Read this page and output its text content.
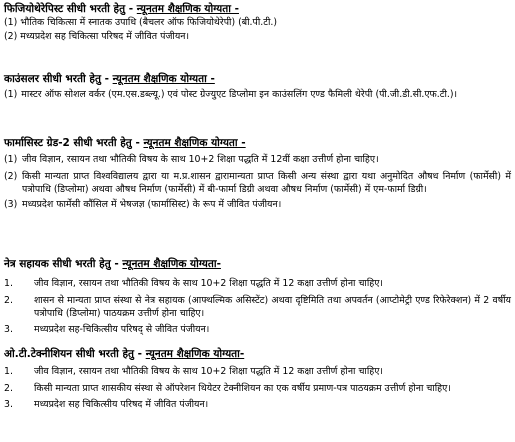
फिजियोथेरेपिस्ट सीधी भरती हेतु - न्यूनतम शैक्षणिक योग्यता -
(1) भौतिक चिकित्सा में स्नातक उपाधि (बैचलर ऑफ फिजियोथेरेपी) (बी.पी.टी.)
(2) मध्यप्रदेश सह चिकित्सा परिषद में जीवित पंजीयन।
काउंसलर सीधी भरती हेतु - न्यूनतम शैक्षणिक योग्यता -
(1) मास्टर ऑफ सोशल वर्कर (एम.एस.डब्ल्यू.) एवं पोस्ट ग्रेज्युएट डिप्लोमा इन काउंसलिंग एण्ड फैमिली थेरेपी (पी.जी.डी.सी.एफ.टी.)।
फार्मासिस्ट ग्रेड-2 सीधी भरती हेतु - न्यूनतम शैक्षणिक योग्यता -
(1) जीव विज्ञान, रसायन तथा भौतिकी विषय के साथ 10+2 शिक्षा पद्धति में 12वीं कक्षा उत्तीर्ण होना चाहिए।
(2) किसी मान्यता प्राप्त विश्वविद्यालय द्वारा या म.प्र.शासन द्वारामान्यता प्राप्त किसी अन्य संस्था द्वारा यथा अनुमोदित औषध निर्माण (फार्मेसी) में पत्रोपाधि (डिप्लोमा) अथवा औषध निर्माण (फार्मेसी) में बी-फार्मा डिग्री अथवा औषध निर्माण (फार्मेसी) में एम-फार्मा डिग्री।
(3) मध्यप्रदेश फार्मेसी कौंसिल में भेषजज्ञ (फार्मासिस्ट) के रूप में जीवित पंजीयन।
नेत्र सहायक सीधी भरती हेतु - न्यूनतम शैक्षणिक योग्यता-
1.	जीव विज्ञान, रसायन तथा भौतिकी विषय के साथ 10+2 शिक्षा पद्धति में 12 कक्षा उत्तीर्ण होना चाहिए।
2.	शासन से मान्यता प्राप्त संस्था से नेत्र सहायक (आफ्थल्मिक असिस्टेंट) अथवा दृष्टिमिति तथा अपवर्तन (आप्टोमेट्री एण्ड रिफेरेक्शन) में 2 वर्षीय पत्रोपाधि (डिप्लोमा) पाठयक्रम उत्तीर्ण होना चाहिए।
3.	मध्यप्रदेश सह-चिकित्सीय परिषद् से जीवित पंजीयन।
ओ.टी.टेक्नीशियन सीधी भरती हेतु - न्यूनतम शैक्षणिक योग्यता-
1.	जीव विज्ञान, रसायन तथा भौतिकी विषय के साथ 10+2 शिक्षा पद्धति में 12 कक्षा उत्तीर्ण होना चाहिए।
2.	किसी मान्यता प्राप्त शासकीय संस्था से ऑपरेशन थियेटर टेक्नीशियन का एक वर्षीय प्रमाण-पत्र पाठयक्रम उत्तीर्ण होना चाहिए।
3.	मध्यप्रदेश सह चिकित्सीय परिषद में जीवित पंजीयन।
